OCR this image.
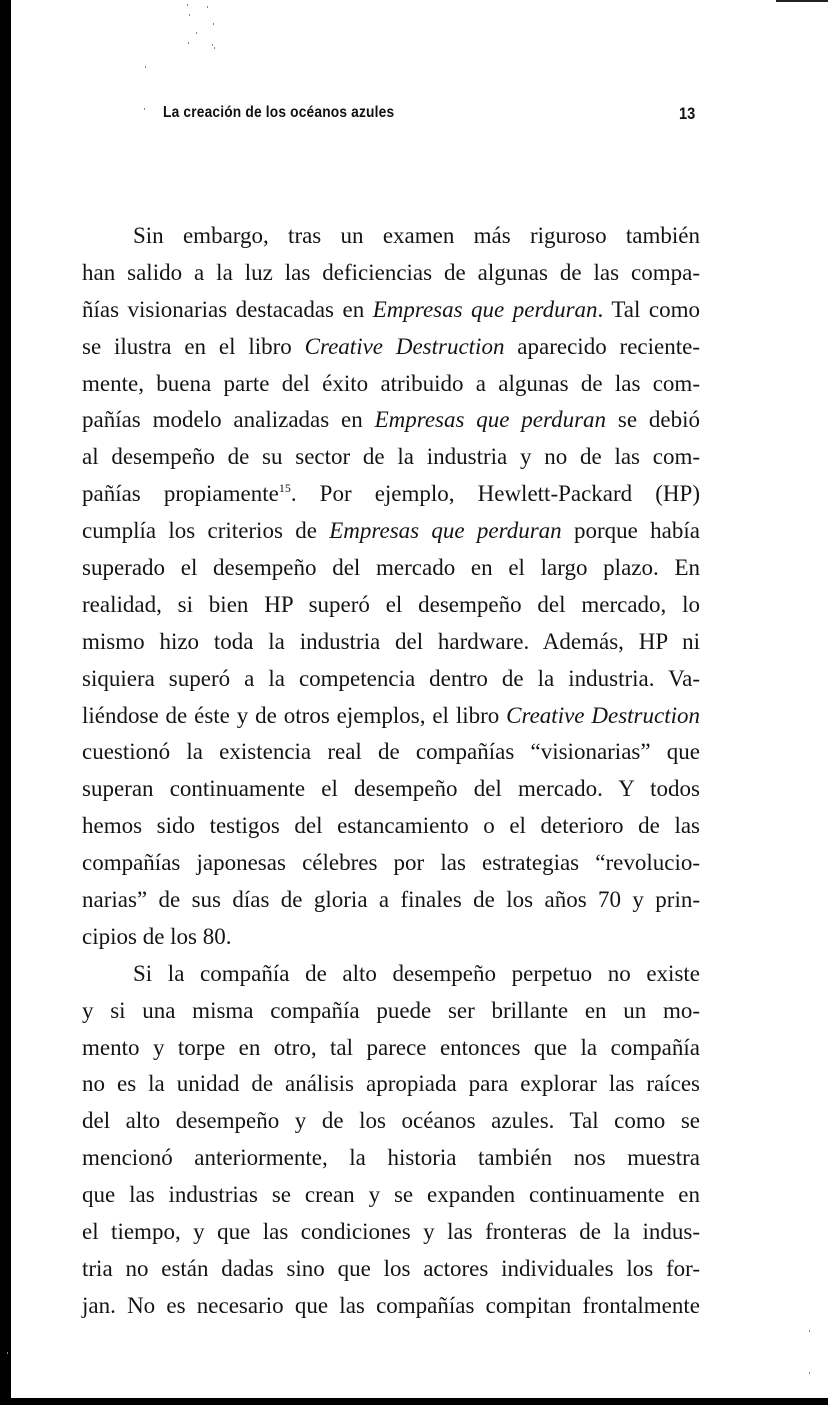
La creación de los océanos azules	13
Sin embargo, tras un examen más riguroso también
han salido a la luz las deficiencias de algunas de las compa-
ñías visionarias destacadas en Empresas que perduran. Tal como
se ilustra en el libro Creative Destruction aparecido reciente-
mente, buena parte del éxito atribuido a algunas de las com-
pañías modelo analizadas en Empresas que perduran se debió
al desempeño de su sector de la industria y no de las com-
pañías propiamente$^{15}$. Por ejemplo, Hewlett-Packard (HP)
cumplía los criterios de Empresas que perduran porque había
superado el desempeño del mercado en el largo plazo. En
realidad, si bien HP superó el desempeño del mercado, lo
mismo hizo toda la industria del hardware. Además, HP ni
siquiera superó a la competencia dentro de la industria. Va-
liéndose de éste y de otros ejemplos, el libro Creative Destruction
cuestionó la existencia real de compañías “visionarias” que
superan continuamente el desempeño del mercado. Y todos
hemos sido testigos del estancamiento o el deterioro de las
compañías japonesas célebres por las estrategias “revolucio-
narias” de sus días de gloria a finales de los años 70 y prin-
cipios de los 80.
Si la compañía de alto desempeño perpetuo no existe
y si una misma compañía puede ser brillante en un mo-
mento y torpe en otro, tal parece entonces que la compañía
no es la unidad de análisis apropiada para explorar las raíces
del alto desempeño y de los océanos azules. Tal como se
mencionó anteriormente, la historia también nos muestra
que las industrias se crean y se expanden continuamente en
el tiempo, y que las condiciones y las fronteras de la indus-
tria no están dadas sino que los actores individuales los for-
jan. No es necesario que las compañías compitan frontalmente
